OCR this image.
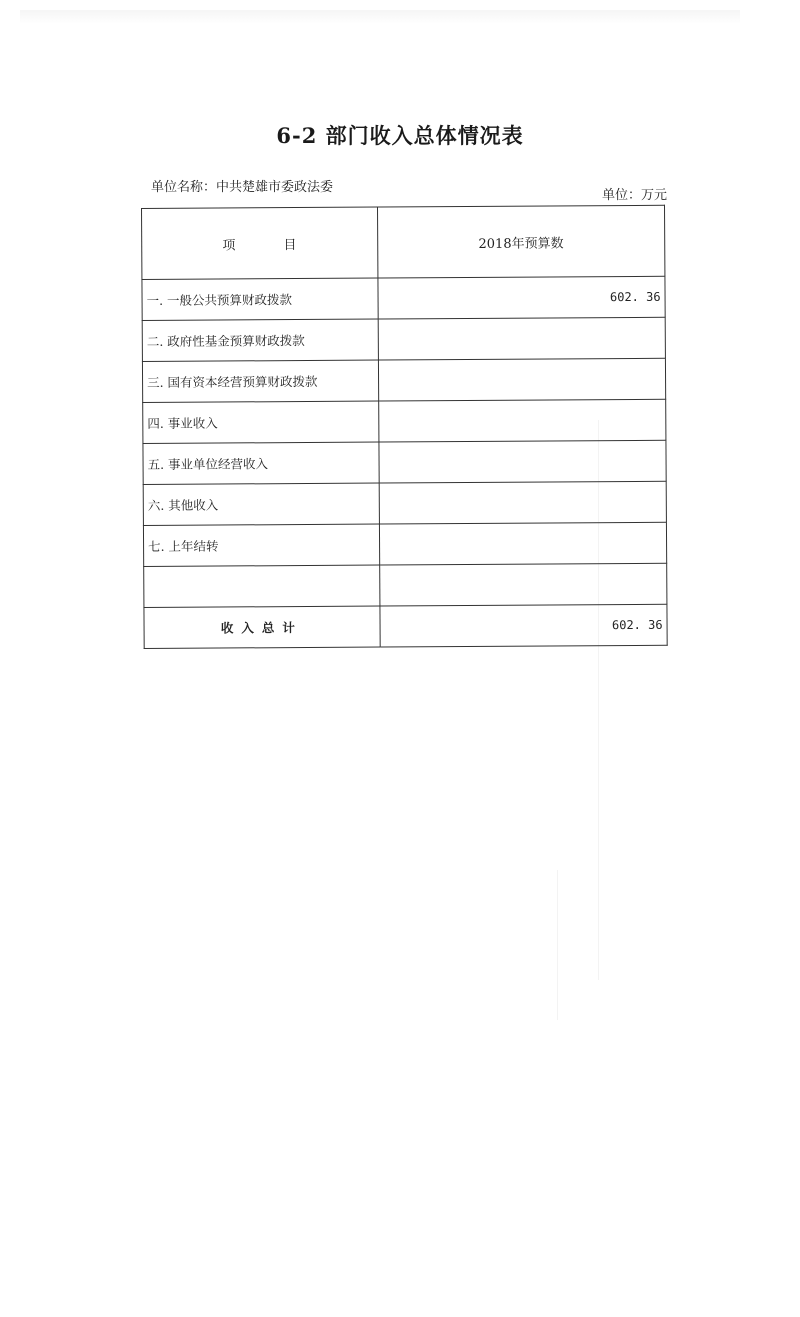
6-2 部门收入总体情况表
单位名称：中共楚雄市委政法委
单位：万元
项 目	2018年预算数
一. 一般公共预算财政拨款	602. 36
二. 政府性基金预算财政拨款	
三. 国有资本经营预算财政拨款	
四. 事业收入	
五. 事业单位经营收入	
六. 其他收入	
七. 上年结转	

收入总计	602. 36
